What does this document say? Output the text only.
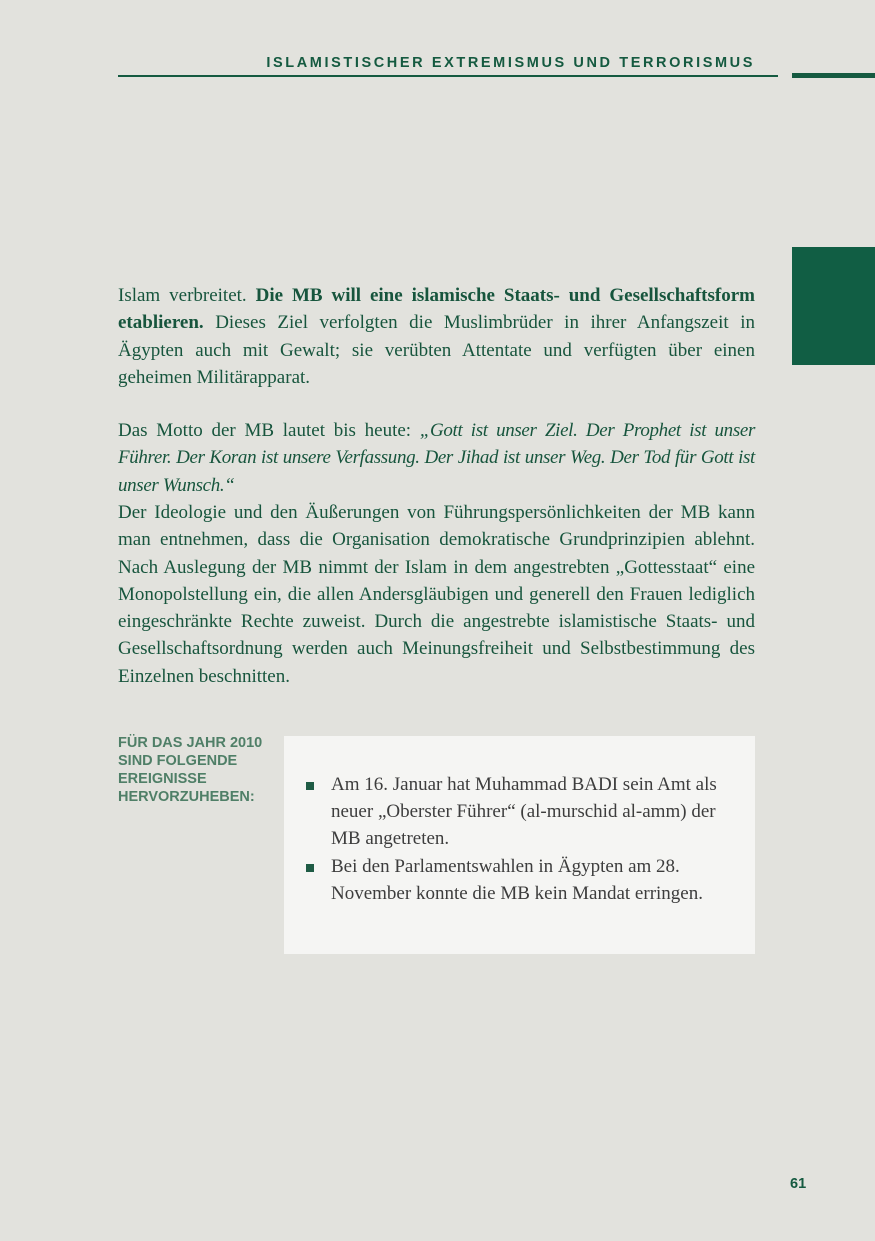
ISLAMISTISCHER EXTREMISMUS UND TERRORISMUS

Islam verbreitet. Die MB will eine islamische Staats- und Gesellschaftsform etablieren. Dieses Ziel verfolgten die Muslimbrüder in ihrer Anfangszeit in Ägypten auch mit Gewalt; sie verübten Attentate und verfügten über einen geheimen Militärapparat.

Das Motto der MB lautet bis heute: „Gott ist unser Ziel. Der Prophet ist unser Führer. Der Koran ist unsere Verfassung. Der Jihad ist unser Weg. Der Tod für Gott ist unser Wunsch.“

Der Ideologie und den Äußerungen von Führungspersönlichkeiten der MB kann man entnehmen, dass die Organisation demokratische Grundprinzipien ablehnt. Nach Auslegung der MB nimmt der Islam in dem angestrebten „Gottesstaat“ eine Monopolstellung ein, die allen Andersgläubigen und generell den Frauen lediglich eingeschränkte Rechte zuweist. Durch die angestrebte islamistische Staats- und Gesellschaftsordnung werden auch Meinungsfreiheit und Selbstbestimmung des Einzelnen beschnitten.

FÜR DAS JAHR 2010 SIND FOLGENDE EREIGNISSE HERVORZUHEBEN:

Am 16. Januar hat Muhammad BADI sein Amt als neuer „Oberster Führer“ (al-murschid al-amm) der MB angetreten.
Bei den Parlamentswahlen in Ägypten am 28. November konnte die MB kein Mandat erringen.
61
